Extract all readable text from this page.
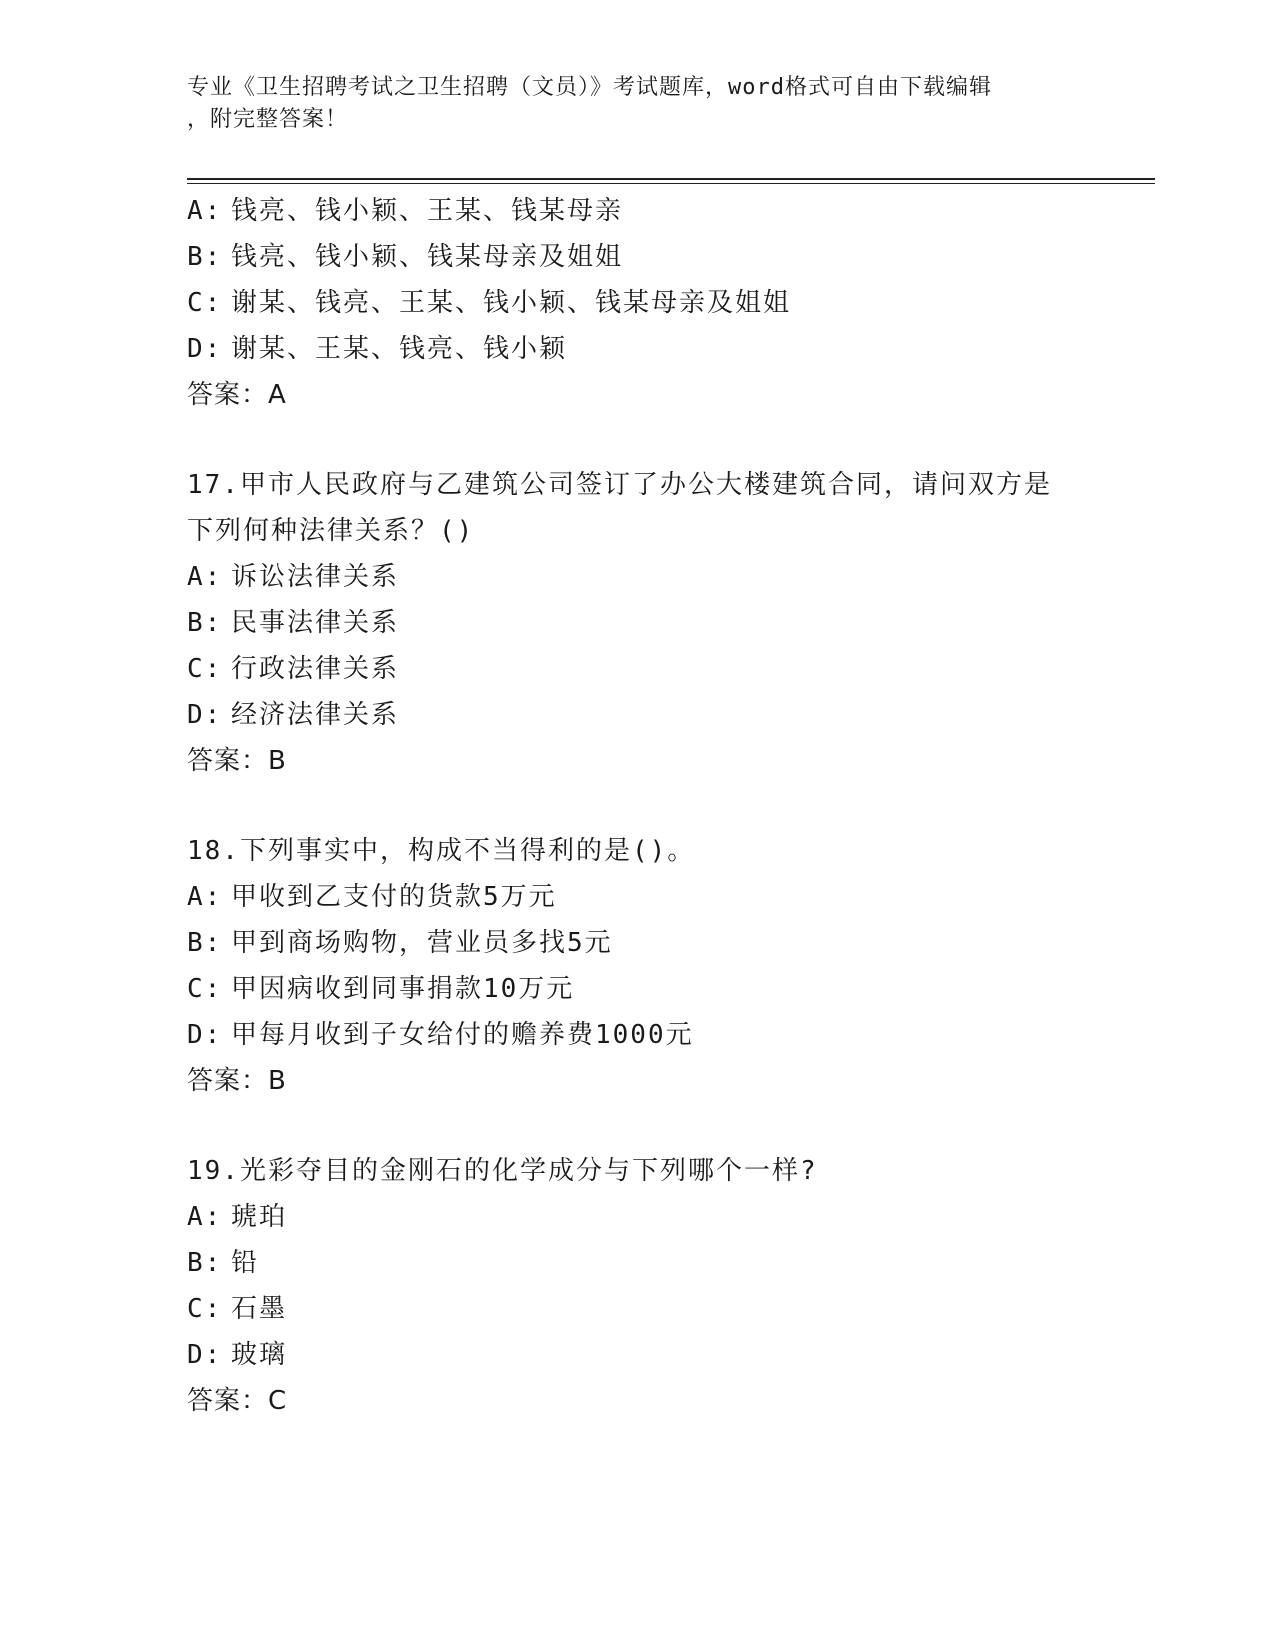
专业《卫生招聘考试之卫生招聘（文员）》考试题库，word格式可自由下载编辑
，附完整答案！
A: 钱亮、钱小颖、王某、钱某母亲
B: 钱亮、钱小颖、钱某母亲及姐姐
C: 谢某、钱亮、王某、钱小颖、钱某母亲及姐姐
D: 谢某、王某、钱亮、钱小颖
答案：A
17.甲市人民政府与乙建筑公司签订了办公大楼建筑合同，请问双方是
下列何种法律关系？()
A: 诉讼法律关系
B: 民事法律关系
C: 行政法律关系
D: 经济法律关系
答案：B
18.下列事实中，构成不当得利的是()。
A: 甲收到乙支付的货款5万元
B: 甲到商场购物，营业员多找5元
C: 甲因病收到同事捐款10万元
D: 甲每月收到子女给付的赡养费1000元
答案：B
19.光彩夺目的金刚石的化学成分与下列哪个一样?
A: 琥珀
B: 铅
C: 石墨
D: 玻璃
答案：C
